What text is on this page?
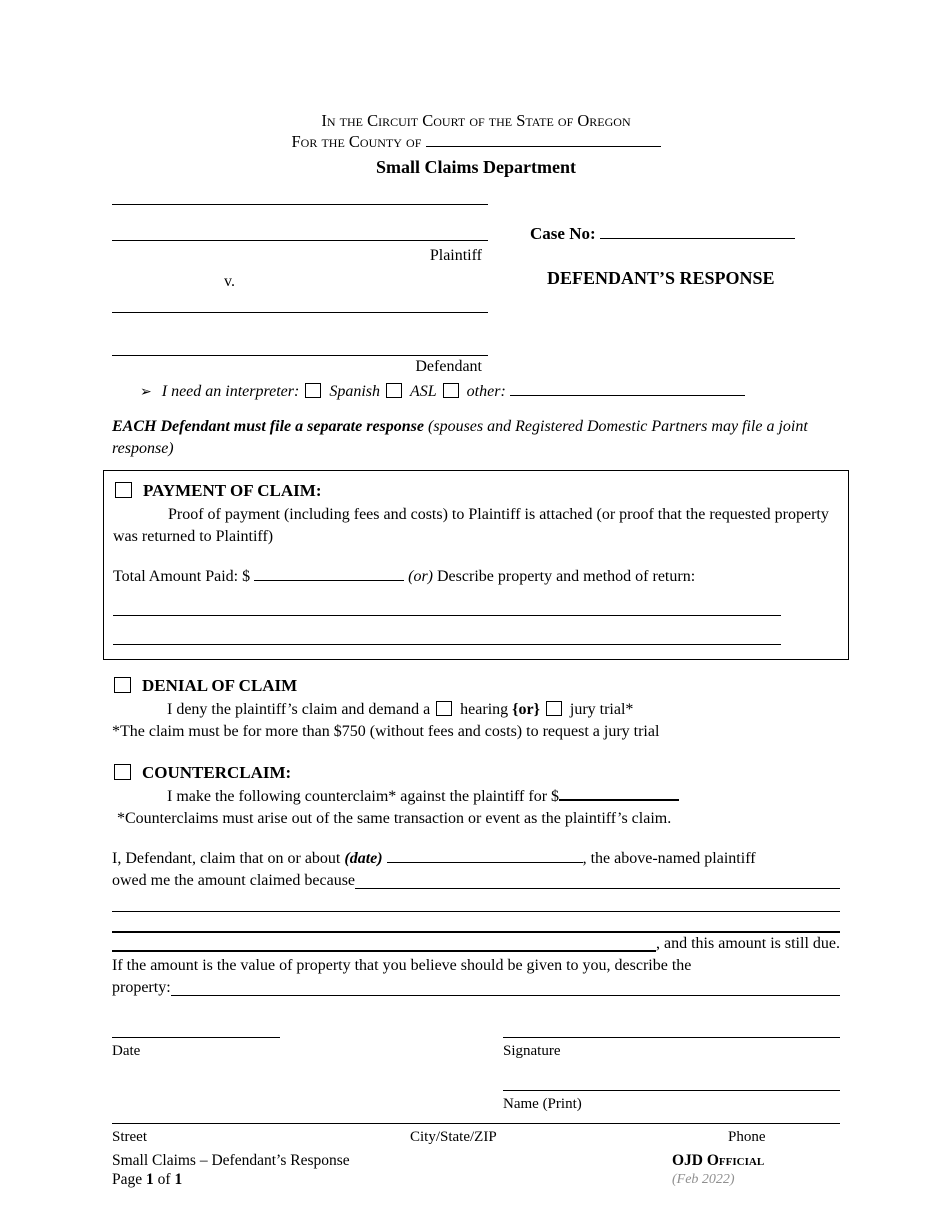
In the Circuit Court of the State of Oregon
For the County of
Small Claims Department
Plaintiff
v.
Defendant
Case No:
DEFENDANT’S RESPONSE
➢ I need an interpreter: Spanish ASL other:
EACH Defendant must file a separate response (spouses and Registered Domestic Partners may file a joint response)
PAYMENT OF CLAIM:

Proof of payment (including fees and costs) to Plaintiff is attached (or proof that the requested property was returned to Plaintiff)

Total Amount Paid: $	(or) Describe property and method of return:
DENIAL OF CLAIM
I deny the plaintiff’s claim and demand a hearing {or} jury trial*
*The claim must be for more than $750 (without fees and costs) to request a jury trial
COUNTERCLAIM:
I make the following counterclaim* against the plaintiff for $
*Counterclaims must arise out of the same transaction or event as the plaintiff’s claim.
I, Defendant, claim that on or about (date)	, the above-named plaintiff
owed me the amount claimed because
, and this amount is still due.
If the amount is the value of property that you believe should be given to you, describe the
property:
Date	Signature
Name (Print)
Street	City/State/ZIP	Phone
Small Claims – Defendant’s Response	OJD Official
Page 1 of 1	(Feb 2022)
